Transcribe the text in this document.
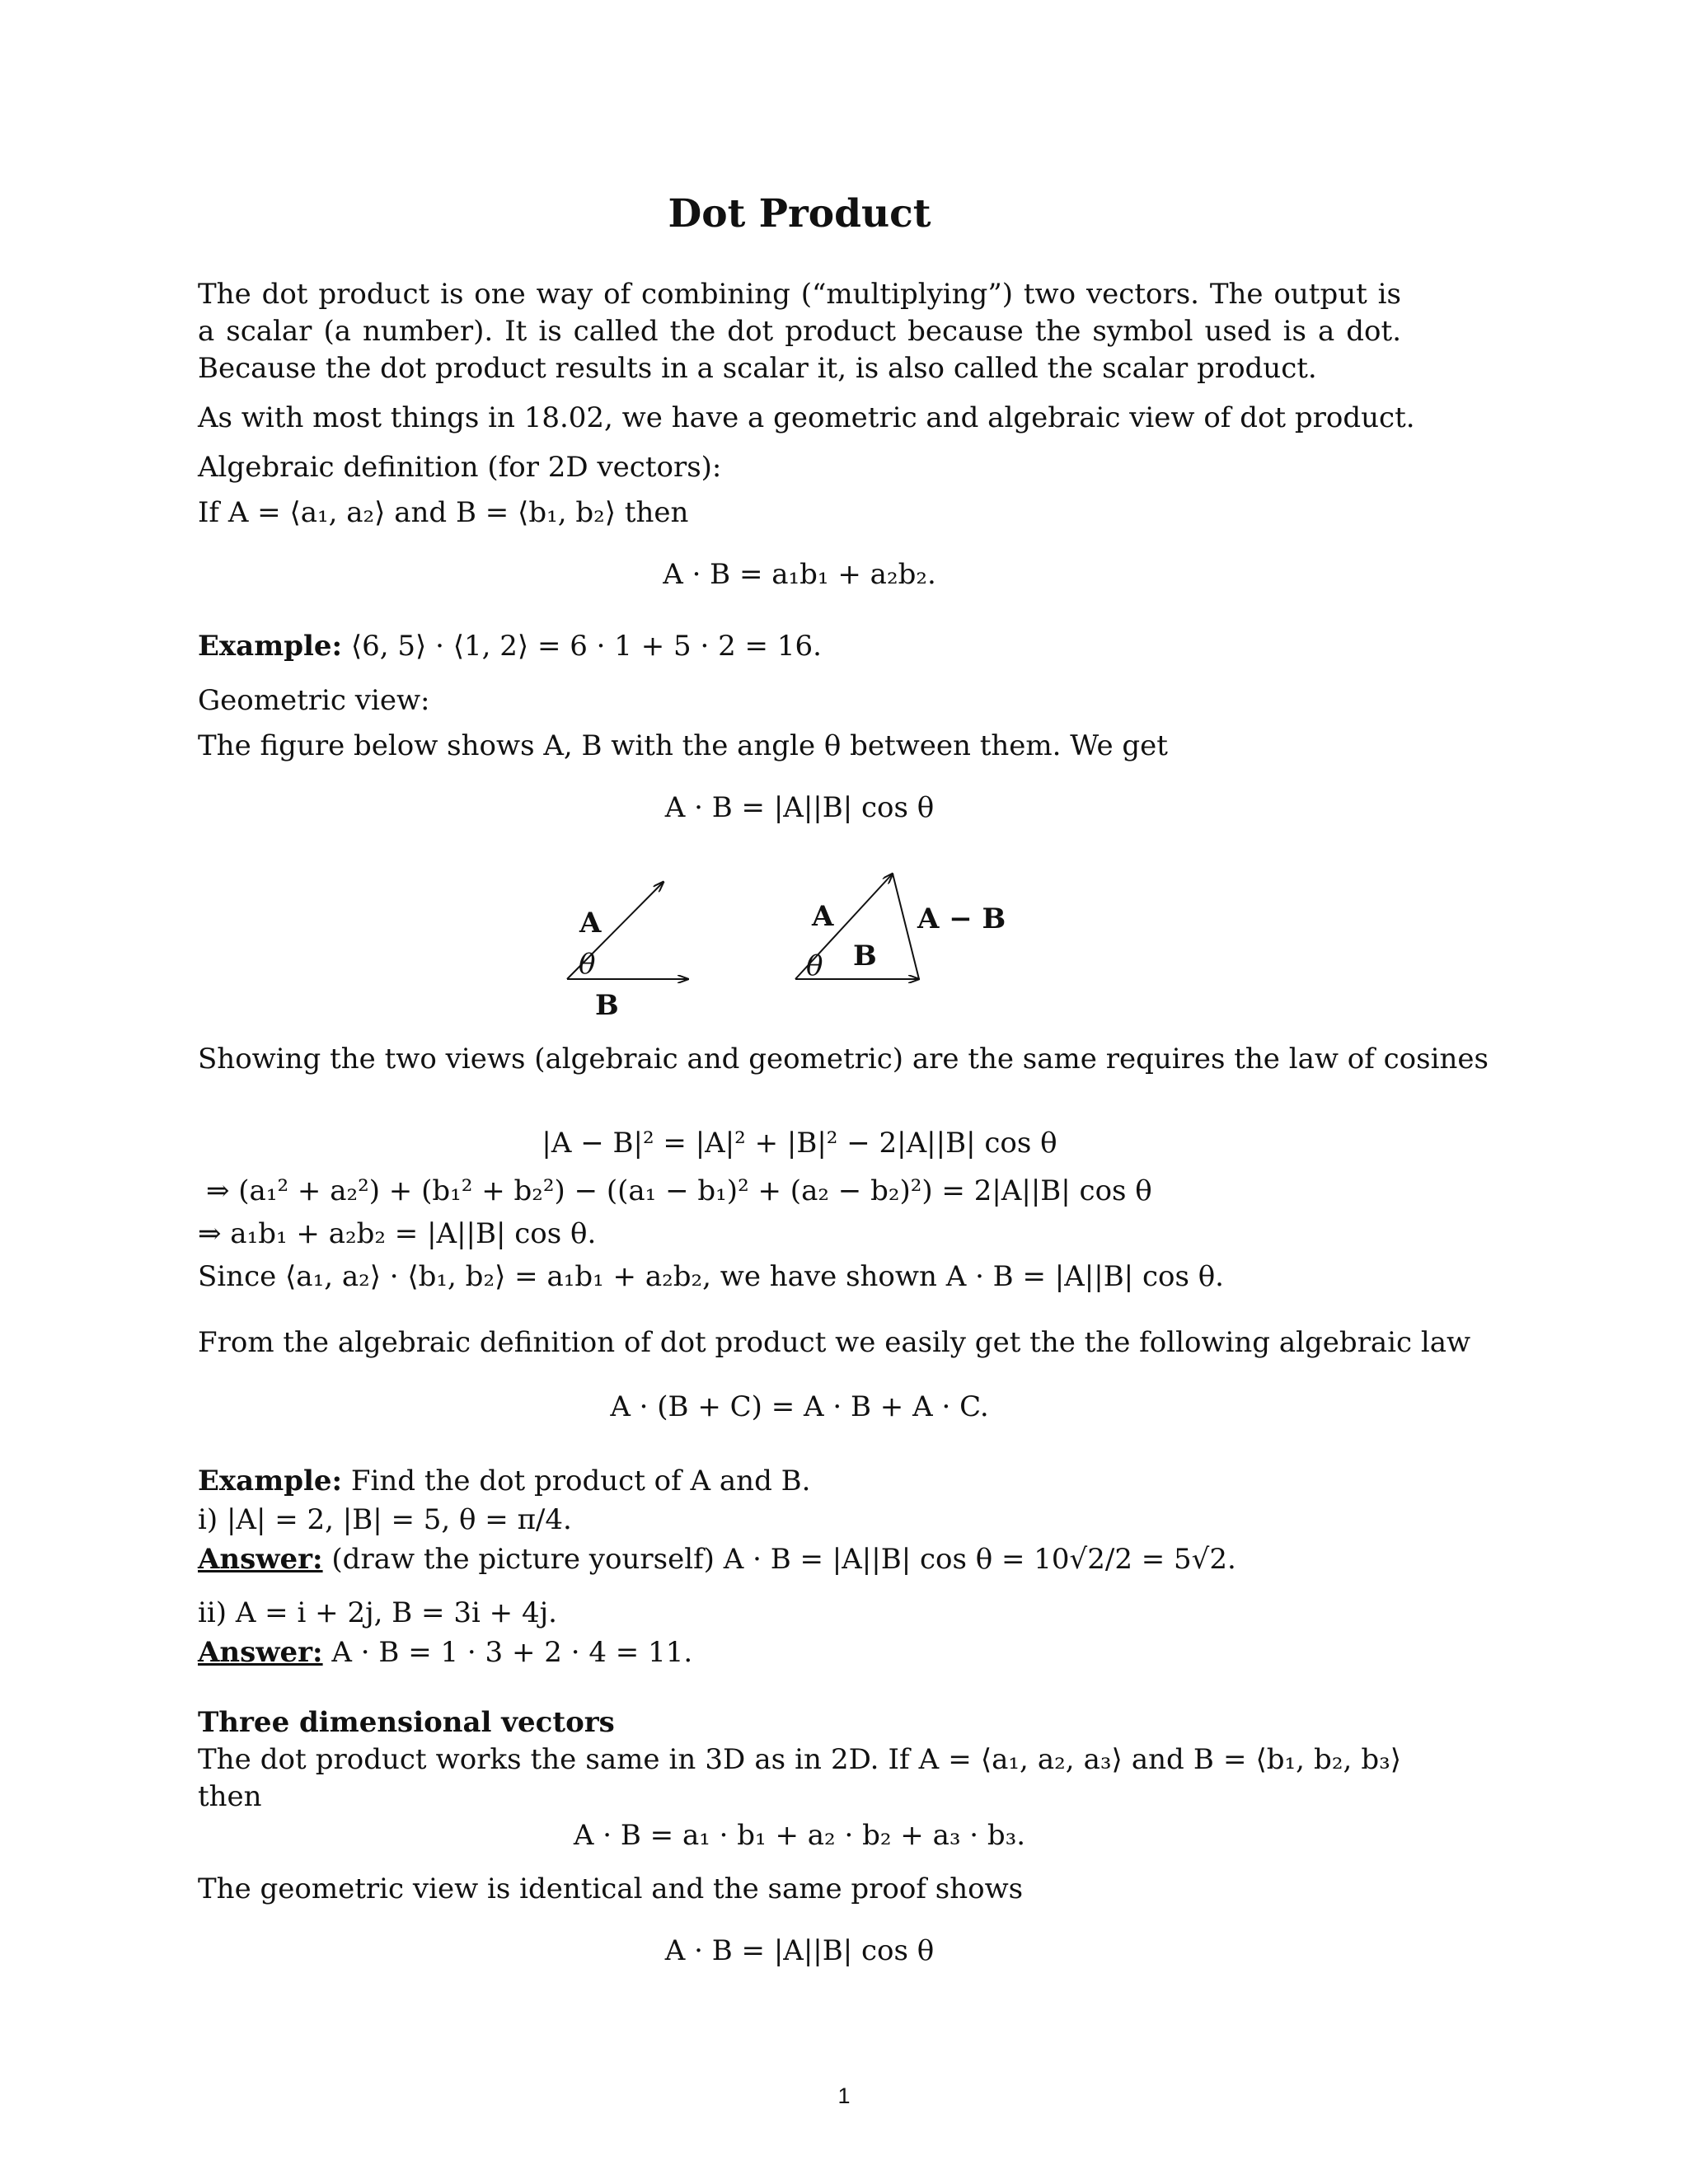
Dot Product

The dot product is one way of combining (“multiplying”) two vectors. The output is a scalar (a number). It is called the dot product because the symbol used is a dot. Because the dot product results in a scalar it, is also called the scalar product.

As with most things in 18.02, we have a geometric and algebraic view of dot product.

Algebraic definition (for 2D vectors):

If A = ⟨a₁, a₂⟩ and B = ⟨b₁, b₂⟩ then

A · B = a₁b₁ + a₂b₂.

Example: ⟨6, 5⟩ · ⟨1, 2⟩ = 6 · 1 + 5 · 2 = 16.

Geometric view:

The figure below shows A, B with the angle θ between them. We get

A · B = |A||B| cos θ

A
θ
B
A
θ B
A − B

Showing the two views (algebraic and geometric) are the same requires the law of cosines

|A − B|² = |A|² + |B|² − 2|A||B| cos θ

⇒ (a₁² + a₂²) + (b₁² + b₂²) − ((a₁ − b₁)² + (a₂ − b₂)²) = 2|A||B| cos θ

⇒ a₁b₁ + a₂b₂ = |A||B| cos θ.

Since ⟨a₁, a₂⟩ · ⟨b₁, b₂⟩ = a₁b₁ + a₂b₂, we have shown A · B = |A||B| cos θ.

From the algebraic definition of dot product we easily get the the following algebraic law

A · (B + C) = A · B + A · C.

Example: Find the dot product of A and B.

i) |A| = 2, |B| = 5, θ = π/4.

Answer: (draw the picture yourself) A · B = |A||B| cos θ = 10√2/2 = 5√2.

ii) A = i + 2j, B = 3i + 4j.

Answer: A · B = 1 · 3 + 2 · 4 = 11.

Three dimensional vectors

The dot product works the same in 3D as in 2D. If A = ⟨a₁, a₂, a₃⟩ and B = ⟨b₁, b₂, b₃⟩ then

A · B = a₁ · b₁ + a₂ · b₂ + a₃ · b₃.

The geometric view is identical and the same proof shows

A · B = |A||B| cos θ

1
